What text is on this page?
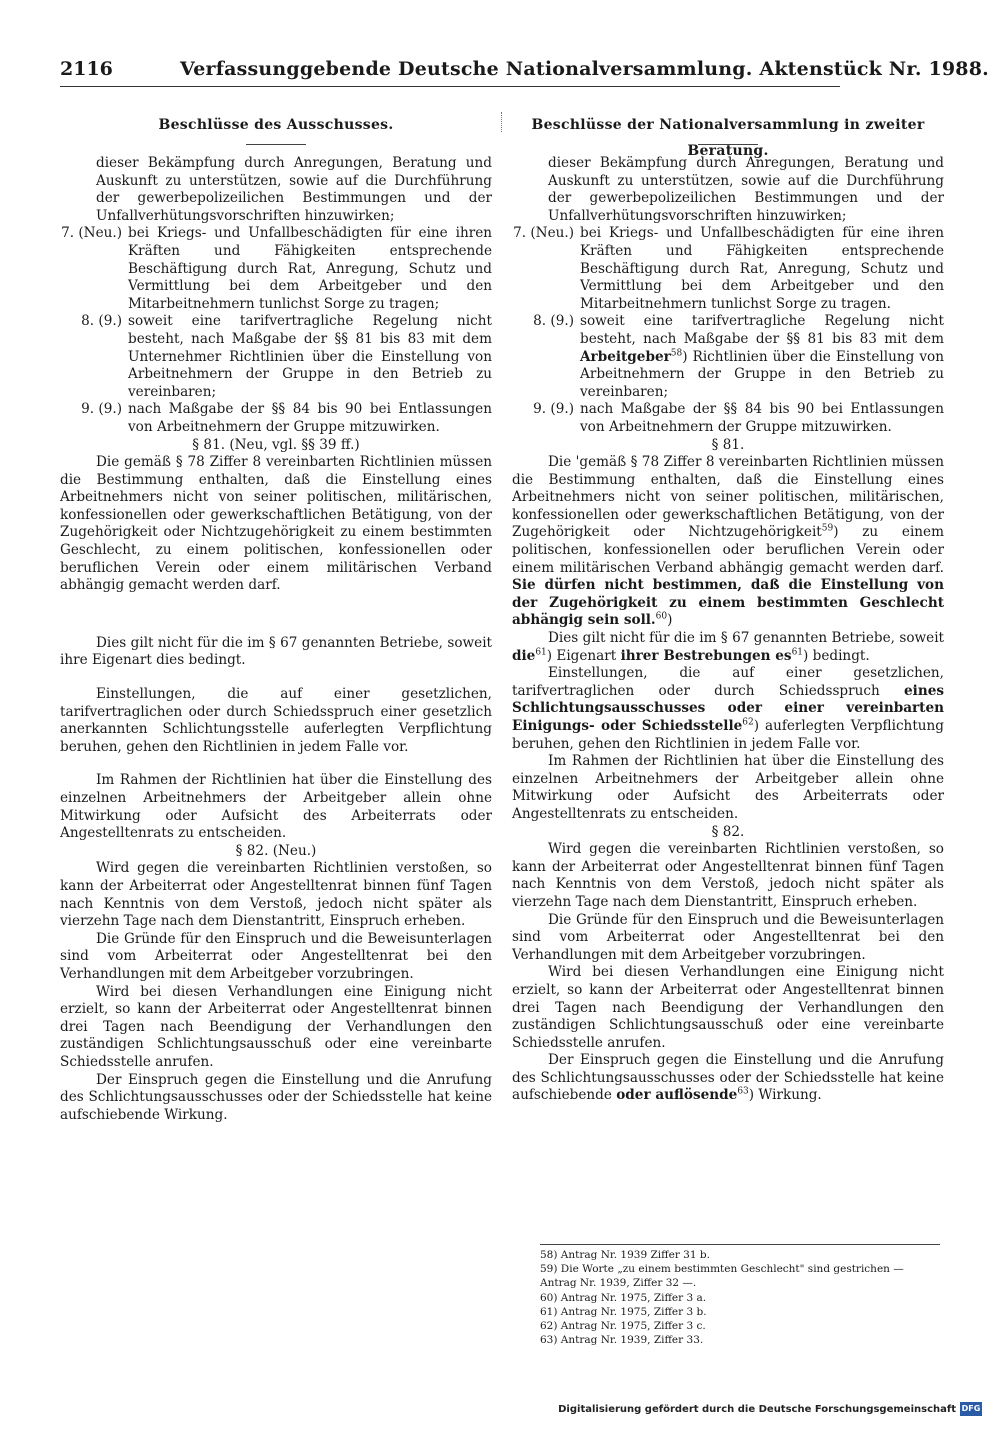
2116	Verfassunggebende Deutsche Nationalversammlung. Aktenstück Nr. 1988.
Beschlüsse des Ausschusses.

dieser Bekämpfung durch Anregungen, Beratung und Auskunft zu unterstützen, sowie auf die Durchführung der gewerbepolizeilichen Bestimmungen und der Unfallverhütungsvorschriften hinzuwirken;

7. (Neu.) bei Kriegs- und Unfallbeschädigten für eine ihren Kräften und Fähigkeiten entsprechende Beschäftigung durch Rat, Anregung, Schutz und Vermittlung bei dem Arbeitgeber und den Mitarbeitnehmern tunlichst Sorge zu tragen;
8. (9.) soweit eine tarifvertragliche Regelung nicht besteht, nach Maßgabe der §§ 81 bis 83 mit dem Unternehmer Richtlinien über die Einstellung von Arbeitnehmern der Gruppe in den Betrieb zu vereinbaren;
9. (9.) nach Maßgabe der §§ 84 bis 90 bei Entlassungen von Arbeitnehmern der Gruppe mitzuwirken.

§ 81. (Neu, vgl. §§ 39 ff.)

Die gemäß § 78 Ziffer 8 vereinbarten Richtlinien müssen die Bestimmung enthalten, daß die Einstellung eines Arbeitnehmers nicht von seiner politischen, militärischen, konfessionellen oder gewerkschaftlichen Betätigung, von der Zugehörigkeit oder Nichtzugehörigkeit zu einem bestimmten Geschlecht, zu einem politischen, konfessionellen oder beruflichen Verein oder einem militärischen Verband abhängig gemacht werden darf.

Dies gilt nicht für die im § 67 genannten Betriebe, soweit ihre Eigenart dies bedingt.

Einstellungen, die auf einer gesetzlichen, tarifvertraglichen oder durch Schiedsspruch einer gesetzlich anerkannten Schlichtungsstelle auferlegten Verpflichtung beruhen, gehen den Richtlinien in jedem Falle vor.

Im Rahmen der Richtlinien hat über die Einstellung des einzelnen Arbeitnehmers der Arbeitgeber allein ohne Mitwirkung oder Aufsicht des Arbeiterrats oder Angestelltenrats zu entscheiden.

§ 82. (Neu.)

Wird gegen die vereinbarten Richtlinien verstoßen, so kann der Arbeiterrat oder Angestelltenrat binnen fünf Tagen nach Kenntnis von dem Verstoß, jedoch nicht später als vierzehn Tage nach dem Dienstantritt, Einspruch erheben.

Die Gründe für den Einspruch und die Beweisunterlagen sind vom Arbeiterrat oder Angestelltenrat bei den Verhandlungen mit dem Arbeitgeber vorzubringen.

Wird bei diesen Verhandlungen eine Einigung nicht erzielt, so kann der Arbeiterrat oder Angestelltenrat binnen drei Tagen nach Beendigung der Verhandlungen den zuständigen Schlichtungsausschuß oder eine vereinbarte Schiedsstelle anrufen.

Der Einspruch gegen die Einstellung und die Anrufung des Schlichtungsausschusses oder der Schiedsstelle hat keine aufschiebende Wirkung.

Beschlüsse der Nationalversammlung in zweiter Beratung.

dieser Bekämpfung durch Anregungen, Beratung und Auskunft zu unterstützen, sowie auf die Durchführung der gewerbepolizeilichen Bestimmungen und der Unfallverhütungsvorschriften hinzuwirken;

7. (Neu.) bei Kriegs- und Unfallbeschädigten für eine ihren Kräften und Fähigkeiten entsprechende Beschäftigung durch Rat, Anregung, Schutz und Vermittlung bei dem Arbeitgeber und den Mitarbeitnehmern tunlichst Sorge zu tragen.
8. (9.) soweit eine tarifvertragliche Regelung nicht besteht, nach Maßgabe der §§ 81 bis 83 mit dem Arbeitgeber$^{58}$) Richtlinien über die Einstellung von Arbeitnehmern der Gruppe in den Betrieb zu vereinbaren;
9. (9.) nach Maßgabe der §§ 84 bis 90 bei Entlassungen von Arbeitnehmern der Gruppe mitzuwirken.

§ 81.

Die 'gemäß § 78 Ziffer 8 vereinbarten Richtlinien müssen die Bestimmung enthalten, daß die Einstellung eines Arbeitnehmers nicht von seiner politischen, militärischen, konfessionellen oder gewerkschaftlichen Betätigung, von der Zugehörigkeit oder Nichtzugehörigkeit$^{59}$) zu einem politischen, konfessionellen oder beruflichen Verein oder einem militärischen Verband abhängig gemacht werden darf. Sie dürfen nicht bestimmen, daß die Einstellung von der Zugehörigkeit zu einem bestimmten Geschlecht abhängig sein soll.$^{60}$)

Dies gilt nicht für die im § 67 genannten Betriebe, soweit die$^{61}$) Eigenart ihrer Bestrebungen $es^{61}$) bedingt.

Einstellungen, die auf einer gesetzlichen, tarifvertraglichen oder durch Schiedsspruch eines Schlichtungsausschusses oder einer vereinbarten Einigungs- oder Schiedsstelle$^{62}$) auferlegten Verpflichtung beruhen, gehen den Richtlinien in jedem Falle vor.

Im Rahmen der Richtlinien hat über die Einstellung des einzelnen Arbeitnehmers der Arbeitgeber allein ohne Mitwirkung oder Aufsicht des Arbeiterrats oder Angestelltenrats zu entscheiden.

§ 82.

Wird gegen die vereinbarten Richtlinien verstoßen, so kann der Arbeiterrat oder Angestelltenrat binnen fünf Tagen nach Kenntnis von dem Verstoß, jedoch nicht später als vierzehn Tage nach dem Dienstantritt, Einspruch erheben.

Die Gründe für den Einspruch und die Beweisunterlagen sind vom Arbeiterrat oder Angestelltenrat bei den Verhandlungen mit dem Arbeitgeber vorzubringen.

Wird bei diesen Verhandlungen eine Einigung nicht erzielt, so kann der Arbeiterrat oder Angestelltenrat binnen drei Tagen nach Beendigung der Verhandlungen den zuständigen Schlichtungsausschuß oder eine vereinbarte Schiedsstelle anrufen.

Der Einspruch gegen die Einstellung und die Anrufung des Schlichtungsausschusses oder der Schiedsstelle hat keine aufschiebende oder auflösende$^{63}$) Wirkung.

58) Antrag Nr. 1939 Ziffer 31 b.
59) Die Worte „zu einem bestimmten Geschlecht" sind gestrichen — Antrag Nr. 1939, Ziffer 32 —.
60) Antrag Nr. 1975, Ziffer 3 a.
61) Antrag Nr. 1975, Ziffer 3 b.
62) Antrag Nr. 1975, Ziffer 3 c.
63) Antrag Nr. 1939, Ziffer 33.
Digitalisierung gefördert durch die Deutsche Forschungsgemeinschaft DFG
